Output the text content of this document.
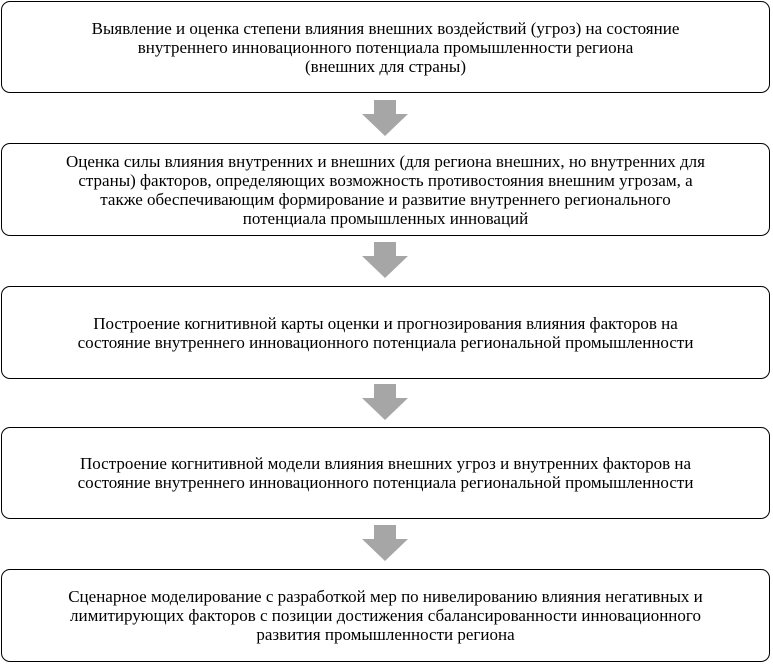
Выявление и оценка степени влияния внешних воздействий (угроз) на состояние
внутреннего инновационного потенциала промышленности региона
(внешних для страны)
Оценка силы влияния внутренних и внешних (для региона внешних, но внутренних для
страны) факторов, определяющих возможность противостояния внешним угрозам, а
также обеспечивающим формирование и развитие внутреннего регионального
потенциала промышленных инноваций
Построение когнитивной карты оценки и прогнозирования влияния факторов на
состояние внутреннего инновационного потенциала региональной промышленности
Построение когнитивной модели влияния внешних угроз и внутренних факторов на
состояние внутреннего инновационного потенциала региональной промышленности
Сценарное моделирование с разработкой мер по нивелированию влияния негативных и
лимитирующих факторов с позиции достижения сбалансированности инновационного
развития промышленности региона
